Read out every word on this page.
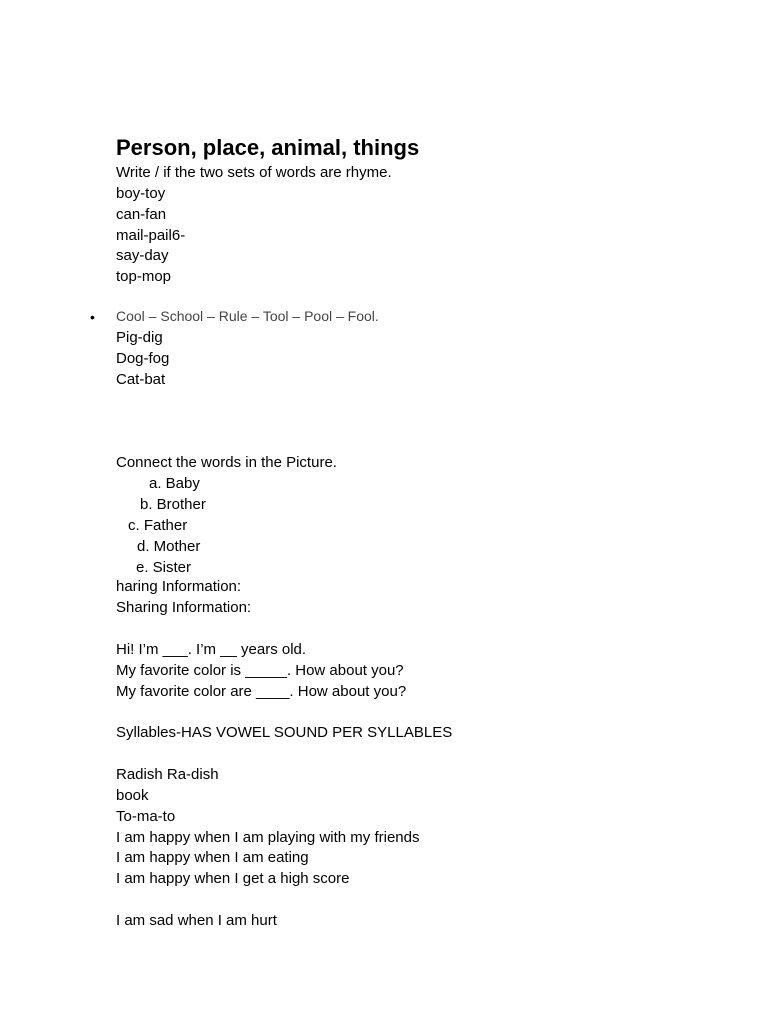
Person, place, animal, things
Write / if the two sets of words are rhyme.
boy-toy
can-fan
mail-pail6-
say-day
top-mop
• Cool – School – Rule – Tool – Pool – Fool.
Pig-dig
Dog-fog
Cat-bat
Connect the words in the Picture.
a. Baby
b. Brother
c. Father
d. Mother
e. Sister
haring Information:
Sharing Information:
Hi! I’m ___. I’m __ years old.
My favorite color is _____. How about you?
My favorite color are ____. How about you?
Syllables-HAS VOWEL SOUND PER SYLLABLES
Radish Ra-dish
book
To-ma-to
I am happy when I am playing with my friends
I am happy when I am eating
I am happy when I get a high score
I am sad when I am hurt
